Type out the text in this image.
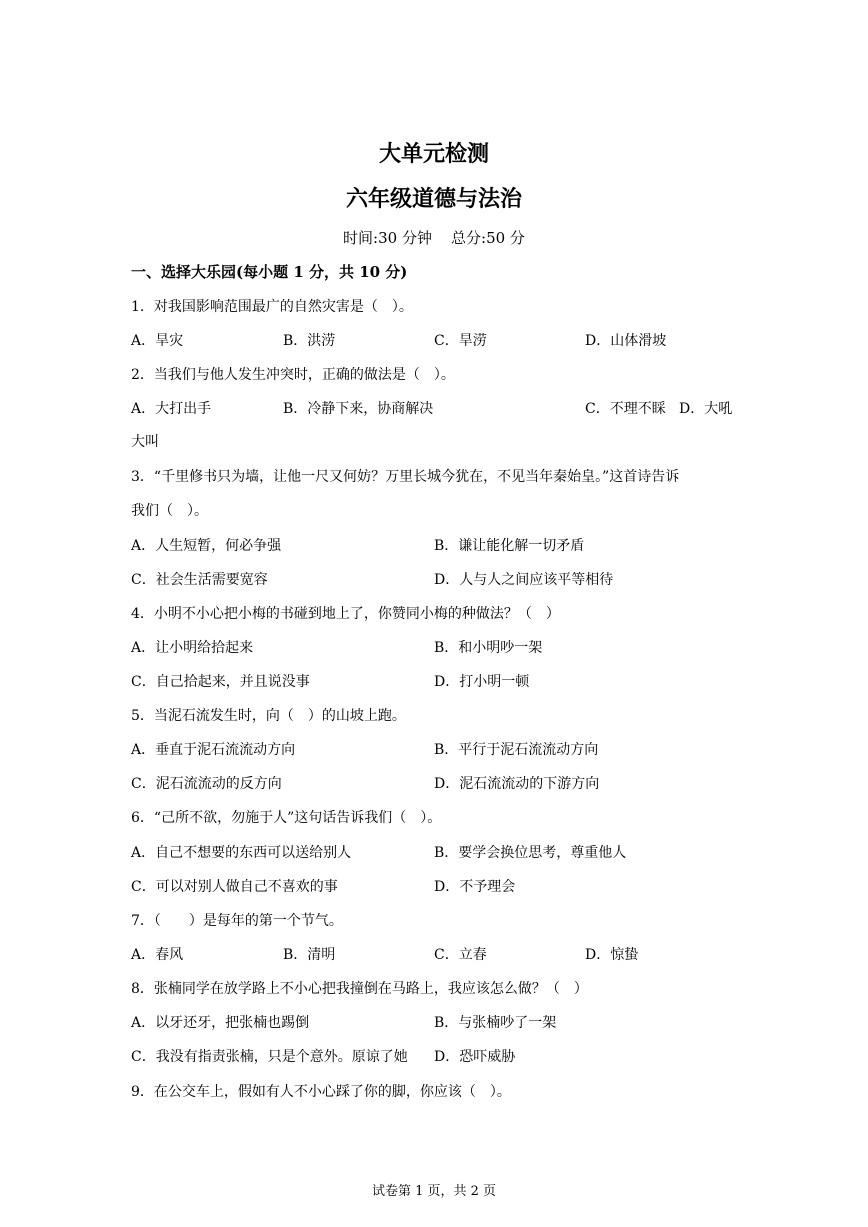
大单元检测
六年级道德与法治
时间:30 分钟    总分:50 分
一、选择大乐园(每小题 1 分，共 10 分)
1．对我国影响范围最广的自然灾害是（　）。
A．旱灾	B．洪涝	C．旱涝	D．山体滑坡
2．当我们与他人发生冲突时，正确的做法是（　）。
A．大打出手	B．冷静下来，协商解决	C．不理不睬 D．大吼
大叫
3．“千里修书只为墙，让他一尺又何妨？万里长城今犹在，不见当年秦始皇。”这首诗告诉
我们（　）。
A．人生短暂，何必争强	B．谦让能化解一切矛盾
C．社会生活需要宽容	D．人与人之间应该平等相待
4．小明不小心把小梅的书碰到地上了，你赞同小梅的种做法？（　）
A．让小明给拾起来	B．和小明吵一架
C．自己拾起来，并且说没事	D．打小明一顿
5．当泥石流发生时，向（　）的山坡上跑。
A．垂直于泥石流流动方向	B．平行于泥石流流动方向
C．泥石流流动的反方向	D．泥石流流动的下游方向
6．“己所不欲，勿施于人”这句话告诉我们（　）。
A．自己不想要的东西可以送给别人	B．要学会换位思考，尊重他人
C．可以对别人做自己不喜欢的事	D．不予理会
7．（　　）是每年的第一个节气。
A．春风	B．清明	C．立春	D．惊蛰
8．张楠同学在放学路上不小心把我撞倒在马路上，我应该怎么做？（　）
A．以牙还牙，把张楠也踢倒	B．与张楠吵了一架
C．我没有指责张楠，只是个意外。原谅了她 D．恐吓威胁
9．在公交车上，假如有人不小心踩了你的脚，你应该（　）。
试卷第 1 页，共 2 页
